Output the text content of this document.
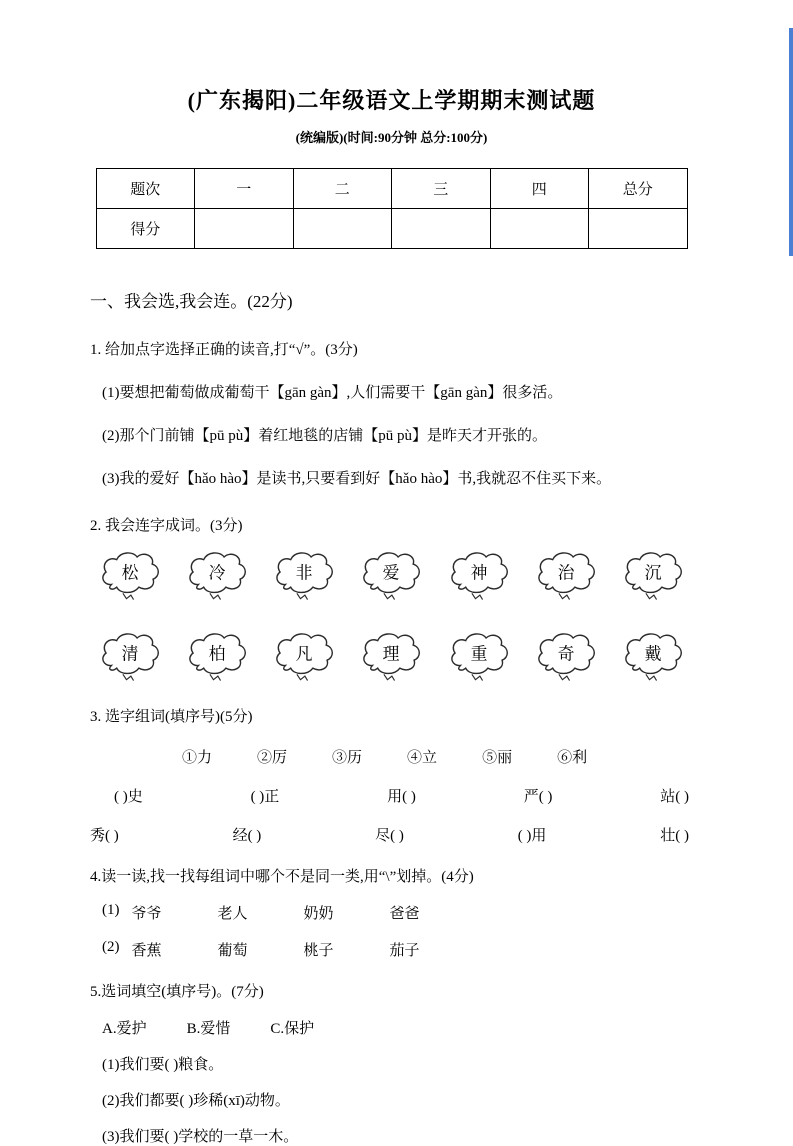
(广东揭阳)二年级语文上学期期末测试题
(统编版)(时间:90分钟 总分:100分)
题次	一	二	三	四	总分
得分					
一、我会选,我会连。(22分)
1. 给加点字选择正确的读音,打“√”。(3分)
(1)要想把葡萄做成葡萄干【gān gàn】,人们需要干【gān gàn】很多活。
(2)那个门前铺【pū pù】着红地毯的店铺【pū pù】是昨天才开张的。
(3)我的爱好【hǎo hào】是读书,只要看到好【hǎo hào】书,我就忍不住买下来。
2. 我会连字成词。(3分)
松	冷	非	爱	神	治	沉
清	柏	凡	理	重	奇	戴
3. 选字组词(填序号)(5分)
①力	②厉	③历	④立	⑤丽	⑥利
( )史	( )正	用( )	严( )	站( )
秀( )	经( )	尽( )	( )用	壮( )
4.读一读,找一找每组词中哪个不是同一类,用“\”划掉。(4分)
(1) 爷爷	老人	奶奶	爸爸
(2) 香蕉	葡萄	桃子	茄子
5.选词填空(填序号)。(7分)
A.爱护	B.爱惜	C.保护
(1)我们要( )粮食。
(2)我们都要( )珍稀(xī)动物。
(3)我们要( )学校的一草一木。
